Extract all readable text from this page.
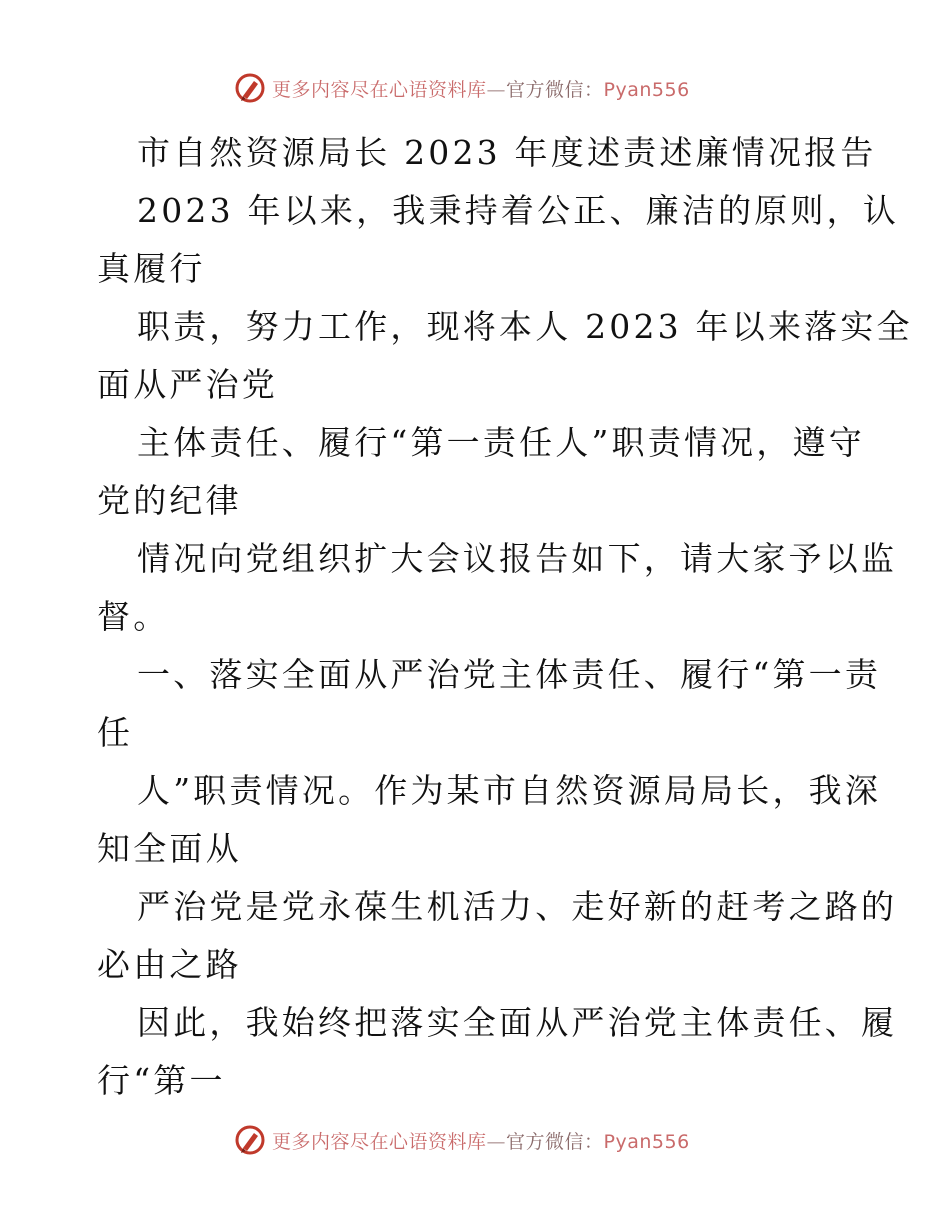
更多内容尽在心语资料库—官方微信：Pyan556
市自然资源局长 2023 年度述责述廉情况报告
2023 年以来，我秉持着公正、廉洁的原则，认
真履行
职责，努力工作，现将本人 2023 年以来落实全
面从严治党
主体责任、履行“第一责任人”职责情况，遵守
党的纪律
情况向党组织扩大会议报告如下，请大家予以监
督。
一、落实全面从严治党主体责任、履行“第一责
任
人”职责情况。作为某市自然资源局局长，我深
知全面从
严治党是党永葆生机活力、走好新的赶考之路的
必由之路
因此，我始终把落实全面从严治党主体责任、履
行“第一
更多内容尽在心语资料库—官方微信：Pyan556
